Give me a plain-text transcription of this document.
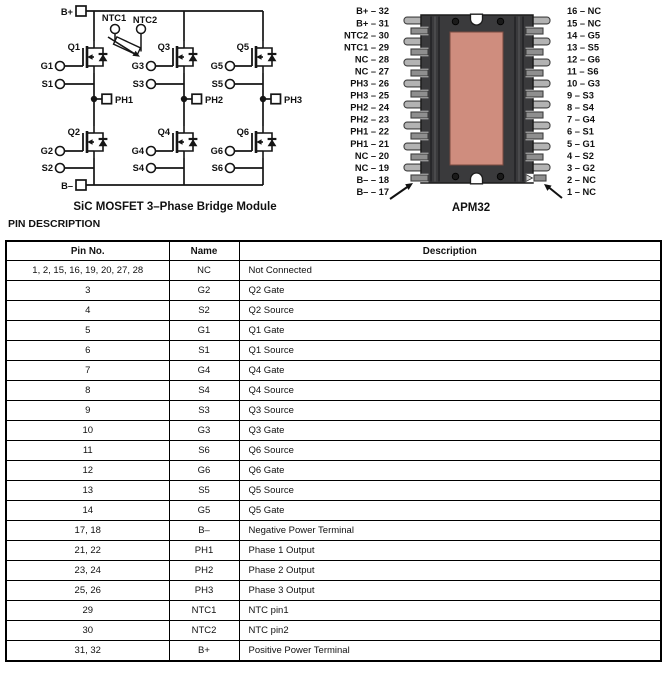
B+
B–
NTC1 NTC2
Q1
Q2
G1
S1
G2
S2
PH1
Q3
Q4
G3
S3
G4
S4
PH2
Q5
Q6
G5
S5
G6
S6
PH3
SiC MOSFET 3–Phase Bridge Module
B+ – 32
B+ – 31
NTC2 – 30
NTC1 – 29
NC – 28
NC – 27
PH3 – 26
PH3 – 25
PH2 – 24
PH2 – 23
PH1 – 22
PH1 – 21
NC – 20
NC – 19
B– – 18
B– – 17
16 – NC
15 – NC
14 – G5
13 – S5
12 – G6
11 – S6
10 – G3
9 – S3
8 – S4
7 – G4
6 – S1
5 – G1
4 – S2
3 – G2
2 – NC
1 – NC
APM32
PIN DESCRIPTION
Pin No.	Name	Description
1, 2, 15, 16, 19, 20, 27, 28	NC	Not Connected
3	G2	Q2 Gate
4	S2	Q2 Source
5	G1	Q1 Gate
6	S1	Q1 Source
7	G4	Q4 Gate
8	S4	Q4 Source
9	S3	Q3 Source
10	G3	Q3 Gate
11	S6	Q6 Source
12	G6	Q6 Gate
13	S5	Q5 Source
14	G5	Q5 Gate
17, 18	B–	Negative Power Terminal
21, 22	PH1	Phase 1 Output
23, 24	PH2	Phase 2 Output
25, 26	PH3	Phase 3 Output
29	NTC1	NTC pin1
30	NTC2	NTC pin2
31, 32	B+	Positive Power Terminal
